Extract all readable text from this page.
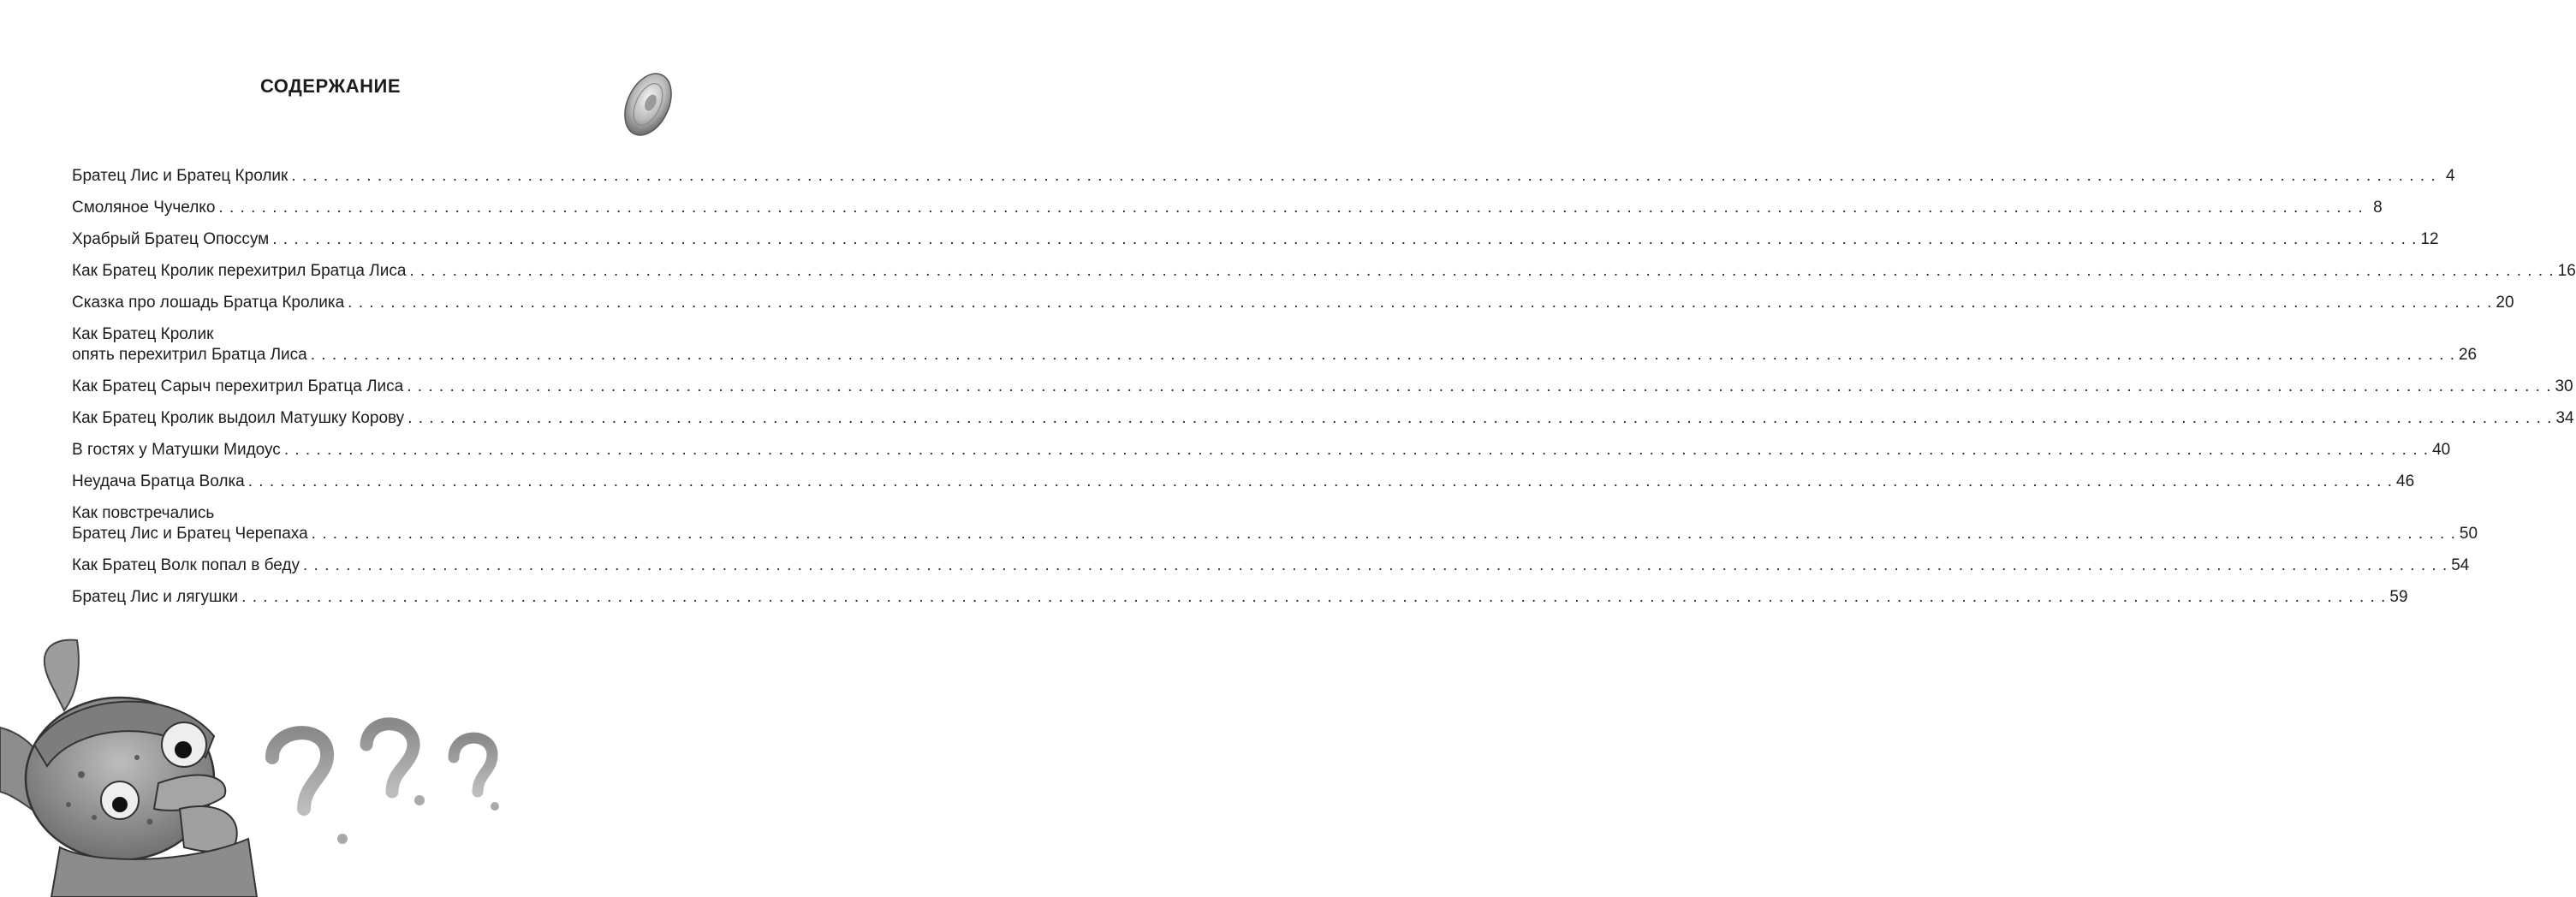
СОДЕРЖАНИЕ
Братец Лис и Братец Кролик . . . . . . . . . . . . . . . . . . . . . . . . . . . . . . . . . . . . . . . . . . . . . . . . . . . . . . . . . . . . . . . . . . . . . . . . . . . . . . . . . . . . . . . . . . . . . . . . . . . . . . . . . . . . . . . . . . . . . . . . . . . . . . . . . . . . . . . . . . . . . . . . . . . . . . . . . . . . . . . . . . . . . . . . . . . . . . . . . . . . . . . . . . . . . . . . . . . . . . . . 4
Смоляное Чучелко . . . . . . . . . . . . . . . . . . . . . . . . . . . . . . . . . . . . . . . . . . . . . . . . . . . . . . . . . . . . . . . . . . . . . . . . . . . . . . . . . . . . . . . . . . . . . . . . . . . . . . . . . . . . . . . . . . . . . . . . . . . . . . . . . . . . . . . . . . . . . . . . . . . . . . . . . . . . . . . . . . . . . . . . . . . . . . . . . . . . . . . . . . . . . . . . . . . . . . . . 8
Храбрый Братец Опоссум . . . . . . . . . . . . . . . . . . . . . . . . . . . . . . . . . . . . . . . . . . . . . . . . . . . . . . . . . . . . . . . . . . . . . . . . . . . . . . . . . . . . . . . . . . . . . . . . . . . . . . . . . . . . . . . . . . . . . . . . . . . . . . . . . . . . . . . . . . . . . . . . . . . . . . . . . . . . . . . . . . . . . . . . . . . . . . . . . . . . . . . . . . . . . . . . . . . . . . . . 12
Как Братец Кролик перехитрил Братца Лиса . . . . . . . . . . . . . . . . . . . . . . . . . . . . . . . . . . . . . . . . . . . . . . . . . . . . . . . . . . . . . . . . . . . . . . . . . . . . . . . . . . . . . . . . . . . . . . . . . . . . . . . . . . . . . . . . . . . . . . . . . . . . . . . . . . . . . . . . . . . . . . . . . . . . . . . . . . . . . . . . . . . . . . . . . . . . . . . . . . . . . . . . . . . . . . . . . . . . . . . . 16
Сказка про лошадь Братца Кролика . . . . . . . . . . . . . . . . . . . . . . . . . . . . . . . . . . . . . . . . . . . . . . . . . . . . . . . . . . . . . . . . . . . . . . . . . . . . . . . . . . . . . . . . . . . . . . . . . . . . . . . . . . . . . . . . . . . . . . . . . . . . . . . . . . . . . . . . . . . . . . . . . . . . . . . . . . . . . . . . . . . . . . . . . . . . . . . . . . . . . . . . . . . . . . . . . . . . . . . . 20
Как Братец Кролик
опять перехитрил Братца Лиса . . . . . . . . . . . . . . . . . . . . . . . . . . . . . . . . . . . . . . . . . . . . . . . . . . . . . . . . . . . . . . . . . . . . . . . . . . . . . . . . . . . . . . . . . . . . . . . . . . . . . . . . . . . . . . . . . . . . . . . . . . . . . . . . . . . . . . . . . . . . . . . . . . . . . . . . . . . . . . . . . . . . . . . . . . . . . . . . . . . . . . . . . . . . . . . . . . . . . . . . 26
Как Братец Сарыч перехитрил Братца Лиса . . . . . . . . . . . . . . . . . . . . . . . . . . . . . . . . . . . . . . . . . . . . . . . . . . . . . . . . . . . . . . . . . . . . . . . . . . . . . . . . . . . . . . . . . . . . . . . . . . . . . . . . . . . . . . . . . . . . . . . . . . . . . . . . . . . . . . . . . . . . . . . . . . . . . . . . . . . . . . . . . . . . . . . . . . . . . . . . . . . . . . . . . . . . . . . . . . . . . . . . 30
Как Братец Кролик выдоил Матушку Корову . . . . . . . . . . . . . . . . . . . . . . . . . . . . . . . . . . . . . . . . . . . . . . . . . . . . . . . . . . . . . . . . . . . . . . . . . . . . . . . . . . . . . . . . . . . . . . . . . . . . . . . . . . . . . . . . . . . . . . . . . . . . . . . . . . . . . . . . . . . . . . . . . . . . . . . . . . . . . . . . . . . . . . . . . . . . . . . . . . . . . . . . . . . . . . . . . . . . . . . . 34
В гостях у Матушки Мидоус . . . . . . . . . . . . . . . . . . . . . . . . . . . . . . . . . . . . . . . . . . . . . . . . . . . . . . . . . . . . . . . . . . . . . . . . . . . . . . . . . . . . . . . . . . . . . . . . . . . . . . . . . . . . . . . . . . . . . . . . . . . . . . . . . . . . . . . . . . . . . . . . . . . . . . . . . . . . . . . . . . . . . . . . . . . . . . . . . . . . . . . . . . . . . . . . . . . . . . . . 40
Неудача Братца Волка . . . . . . . . . . . . . . . . . . . . . . . . . . . . . . . . . . . . . . . . . . . . . . . . . . . . . . . . . . . . . . . . . . . . . . . . . . . . . . . . . . . . . . . . . . . . . . . . . . . . . . . . . . . . . . . . . . . . . . . . . . . . . . . . . . . . . . . . . . . . . . . . . . . . . . . . . . . . . . . . . . . . . . . . . . . . . . . . . . . . . . . . . . . . . . . . . . . . . . . . 46
Как повстречались
Братец Лис и Братец Черепаха . . . . . . . . . . . . . . . . . . . . . . . . . . . . . . . . . . . . . . . . . . . . . . . . . . . . . . . . . . . . . . . . . . . . . . . . . . . . . . . . . . . . . . . . . . . . . . . . . . . . . . . . . . . . . . . . . . . . . . . . . . . . . . . . . . . . . . . . . . . . . . . . . . . . . . . . . . . . . . . . . . . . . . . . . . . . . . . . . . . . . . . . . . . . . . . . . . . . . . . . 50
Как Братец Волк попал в беду . . . . . . . . . . . . . . . . . . . . . . . . . . . . . . . . . . . . . . . . . . . . . . . . . . . . . . . . . . . . . . . . . . . . . . . . . . . . . . . . . . . . . . . . . . . . . . . . . . . . . . . . . . . . . . . . . . . . . . . . . . . . . . . . . . . . . . . . . . . . . . . . . . . . . . . . . . . . . . . . . . . . . . . . . . . . . . . . . . . . . . . . . . . . . . . . . . . . . . . . 54
Братец Лис и лягушки . . . . . . . . . . . . . . . . . . . . . . . . . . . . . . . . . . . . . . . . . . . . . . . . . . . . . . . . . . . . . . . . . . . . . . . . . . . . . . . . . . . . . . . . . . . . . . . . . . . . . . . . . . . . . . . . . . . . . . . . . . . . . . . . . . . . . . . . . . . . . . . . . . . . . . . . . . . . . . . . . . . . . . . . . . . . . . . . . . . . . . . . . . . . . . . . . . . . . . . . 59
